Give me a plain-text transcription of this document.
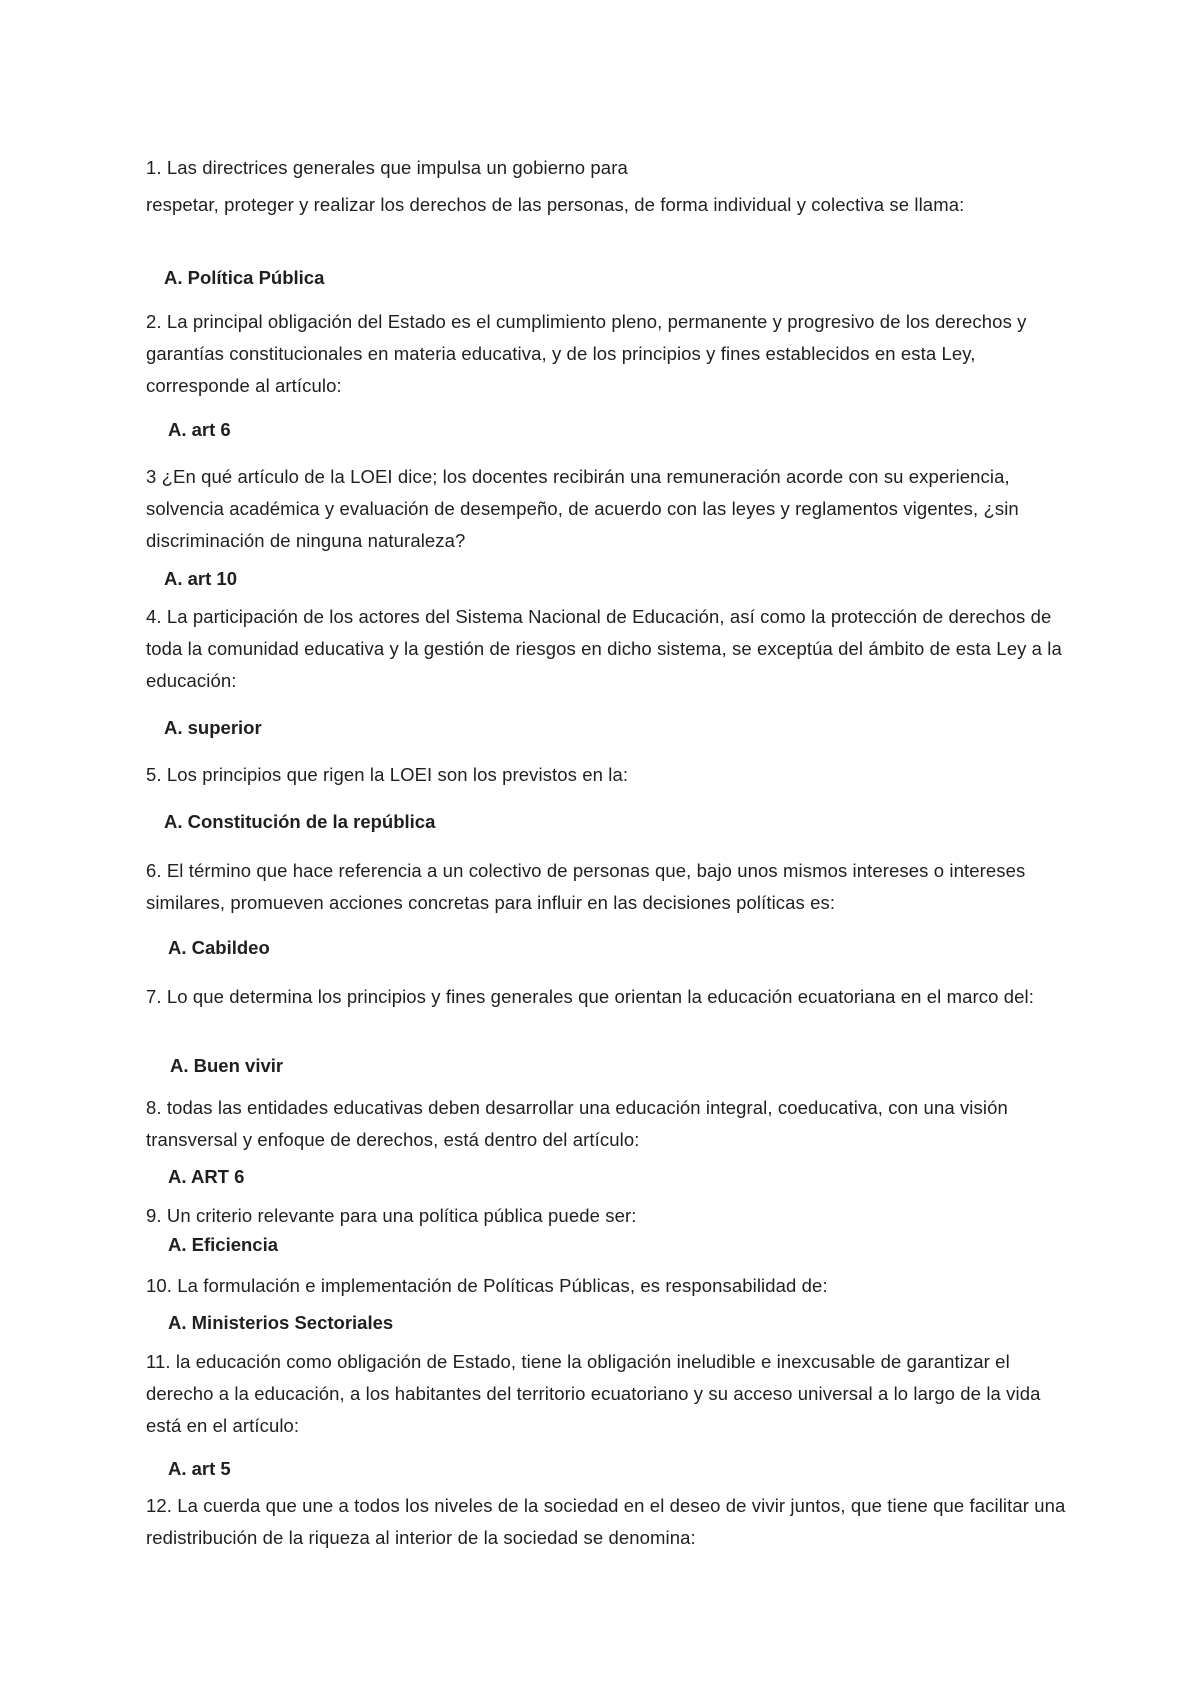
1. Las directrices generales que impulsa un gobierno para

respetar, proteger y realizar los derechos de las personas, de forma individual y colectiva se llama:

A. Política Pública

2. La principal obligación del Estado es el cumplimiento pleno, permanente y progresivo de los derechos y garantías constitucionales en materia educativa, y de los principios y fines establecidos en esta Ley, corresponde al artículo:

A. art 6

3 ¿En qué artículo de la LOEI dice; los docentes recibirán una remuneración acorde con su experiencia, solvencia académica y evaluación de desempeño, de acuerdo con las leyes y reglamentos vigentes, ¿sin discriminación de ninguna naturaleza?

A. art 10

4. La participación de los actores del Sistema Nacional de Educación, así como la protección de derechos de toda la comunidad educativa y la gestión de riesgos en dicho sistema, se exceptúa del ámbito de esta Ley a la educación:

A. superior

5. Los principios que rigen la LOEI son los previstos en la:

A. Constitución de la república

6. El término que hace referencia a un colectivo de personas que, bajo unos mismos intereses o intereses similares, promueven acciones concretas para influir en las decisiones políticas es:

A. Cabildeo

7. Lo que determina los principios y fines generales que orientan la educación ecuatoriana en el marco del:

A. Buen vivir

8. todas las entidades educativas deben desarrollar una educación integral, coeducativa, con una visión transversal y enfoque de derechos, está dentro del artículo:

A. ART 6

9. Un criterio relevante para una política pública puede ser:

A. Eficiencia

10. La formulación e implementación de Políticas Públicas, es responsabilidad de:

A. Ministerios Sectoriales

11. la educación como obligación de Estado, tiene la obligación ineludible e inexcusable de garantizar el derecho a la educación, a los habitantes del territorio ecuatoriano y su acceso universal a lo largo de la vida está en el artículo:

A. art 5

12. La cuerda que une a todos los niveles de la sociedad en el deseo de vivir juntos, que tiene que facilitar una redistribución de la riqueza al interior de la sociedad se denomina:
